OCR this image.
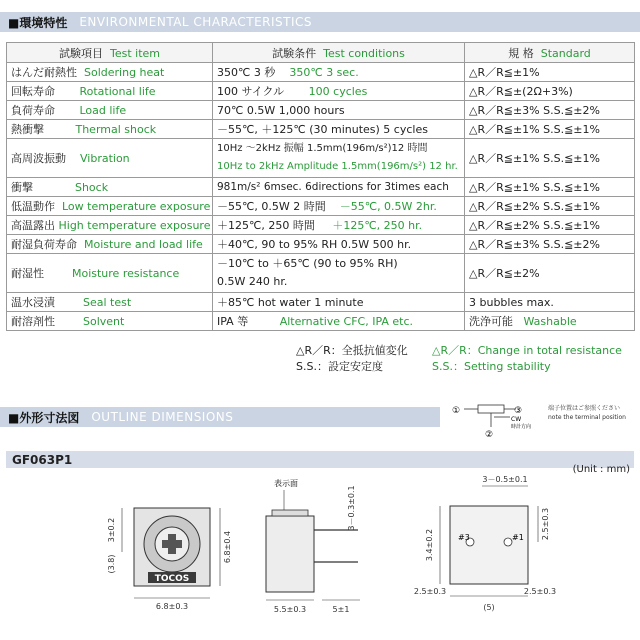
■環境特性 ENVIRONMENTAL CHARACTERISTICS
試験項目 Test item	試験条件 Test conditions	規 格 Standard
はんだ耐熱性 Soldering heat	350℃ 3 秒 350℃ 3 sec.	△R／R≦±1%
回転寿命 Rotational life	100 サイクル 100 cycles	△R／R≦±(2Ω+3%)
負荷寿命 Load life	70℃ 0.5W 1,000 hours	△R／R≦±3% S.S.≦±2%
熱衝撃 Thermal shock	－55℃, ＋125℃ (30 minutes) 5 cycles	△R／R≦±1% S.S.≦±1%
高周波振動 Vibration	10Hz ～2kHz 振幅 1.5mm(196m/s²)12 時間
10Hz to 2kHz Amplitude 1.5mm(196m/s²) 12 hr.	△R／R≦±1% S.S.≦±1%
衝撃 Shock	981m/s² 6msec. 6directions for 3times each	△R／R≦±1% S.S.≦±1%
低温動作 Low temperature exposure	－55℃, 0.5W 2 時間 －55℃, 0.5W 2hr.	△R／R≦±2% S.S.≦±1%
高温露出 High temperature exposure	＋125℃, 250 時間 ＋125℃, 250 hr.	△R／R≦±2% S.S.≦±1%
耐湿負荷寿命 Moisture and load life	＋40℃, 90 to 95% RH 0.5W 500 hr.	△R／R≦±3% S.S.≦±2%
耐湿性 Moisture resistance	－10℃ to ＋65℃ (90 to 95% RH)
0.5W 240 hr.	△R／R≦±2%
温水浸漬 Seal test	＋85℃ hot water 1 minute	3 bubbles max.
耐溶剤性 Solvent	IPA 等 Alternative CFC, IPA etc.	洗浄可能 Washable
△R／R：全抵抗値変化
S.S.：設定安定度
△R／R：Change in total resistance
S.S.：Setting stability
■外形寸法図 OUTLINE DIMENSIONS	①	③
CW
時計方向
②
端子位置はご参照ください
note the terminal position
GF063P1
(Unit : mm)
TOCOS
6.8±0.3
6.8±0.4
3±0.2
(3.8)
表示面
3－0.3±0.1
5.5±0.3	5±1
3－0.5±0.1
#3	#1 2.5±0.3
3.4±0.2
2.5±0.3	2.5±0.3
(5)
